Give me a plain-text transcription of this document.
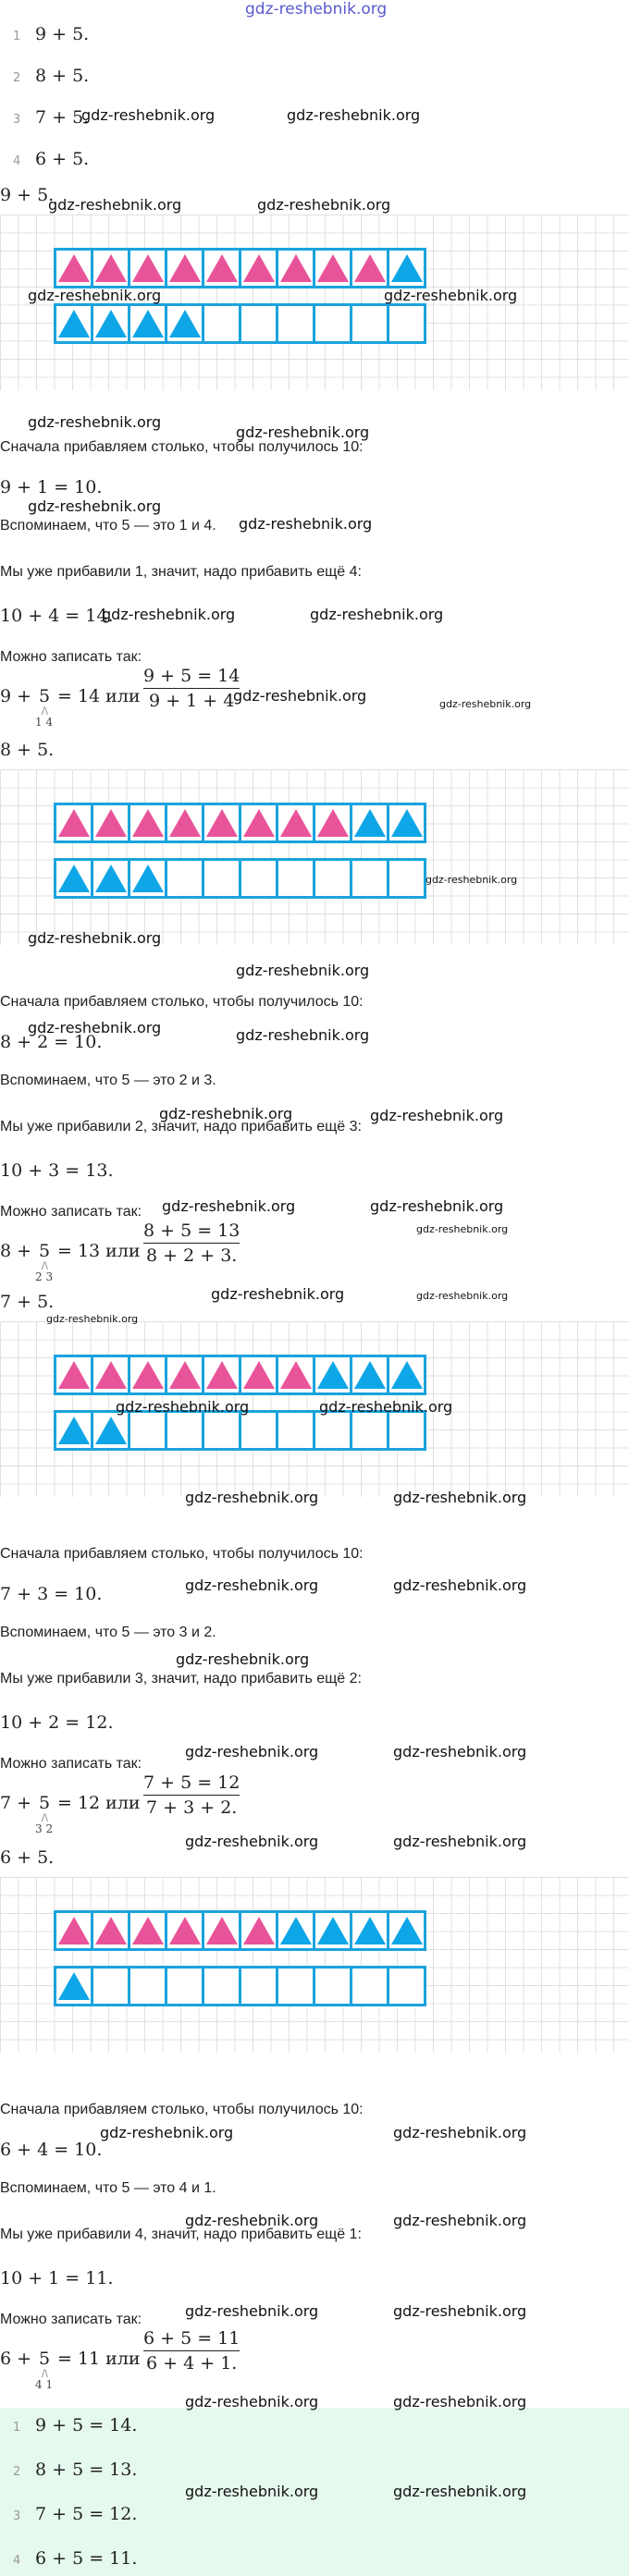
gdz-reshebnik.org
1 9 + 5.
2 8 + 5.
3 7 + 5.
4 6 + 5.
9 + 5.
Сначала прибавляем столько, чтобы получилось 10:
9 + 1 = 10.
Вспоминаем, что 5 — это 1 и 4.
Мы уже прибавили 1, значит, надо прибавить ещё 4:
10 + 4 = 14.
Можно записать так:
9 + 5
/\
1 4
= 14 или
9 + 5 = 14
9 + 1 + 4
8 + 5.
Сначала прибавляем столько, чтобы получилось 10:
8 + 2 = 10.
Вспоминаем, что 5 — это 2 и 3.
Мы уже прибавили 2, значит, надо прибавить ещё 3:
10 + 3 = 13.
Можно записать так:
8 + 5
/\
2 3
= 13 или
8 + 5 = 13
8 + 2 + 3.
7 + 5.
Сначала прибавляем столько, чтобы получилось 10:
7 + 3 = 10.
Вспоминаем, что 5 — это 3 и 2.
Мы уже прибавили 3, значит, надо прибавить ещё 2:
10 + 2 = 12.
Можно записать так:
7 + 5
/\
3 2
= 12 или
7 + 5 = 12
7 + 3 + 2.
6 + 5.
Сначала прибавляем столько, чтобы получилось 10:
6 + 4 = 10.
Вспоминаем, что 5 — это 4 и 1.
Мы уже прибавили 4, значит, надо прибавить ещё 1:
10 + 1 = 11.
Можно записать так:
6 + 5
/\
4 1
= 11 или
6 + 5 = 11
6 + 4 + 1.
1 9 + 5 = 14.
2 8 + 5 = 13.
3 7 + 5 = 12.
4 6 + 5 = 11.
gdz-reshebnik.org	gdz-reshebnik.org
gdz-reshebnik.org	gdz-reshebnik.org
gdz-reshebnik.org	gdz-reshebnik.org
gdz-reshebnik.org
gdz-reshebnik.org
gdz-reshebnik.org
gdz-reshebnik.org
gdz-reshebnik.org	gdz-reshebnik.org
gdz-reshebnik.org	gdz-reshebnik.org
gdz-reshebnik.org
gdz-reshebnik.org
gdz-reshebnik.org
gdz-reshebnik.org	gdz-reshebnik.org
gdz-reshebnik.org	gdz-reshebnik.org
gdz-reshebnik.org	gdz-reshebnik.org
gdz-reshebnik.org
gdz-reshebnik.org	gdz-reshebnik.org
gdz-reshebnik.org
gdz-reshebnik.org	gdz-reshebnik.org
gdz-reshebnik.org	gdz-reshebnik.org
gdz-reshebnik.org	gdz-reshebnik.org
gdz-reshebnik.org
gdz-reshebnik.org	gdz-reshebnik.org
gdz-reshebnik.org	gdz-reshebnik.org
gdz-reshebnik.org	gdz-reshebnik.org
gdz-reshebnik.org	gdz-reshebnik.org
gdz-reshebnik.org	gdz-reshebnik.org
gdz-reshebnik.org	gdz-reshebnik.org
gdz-reshebnik.org	gdz-reshebnik.org
